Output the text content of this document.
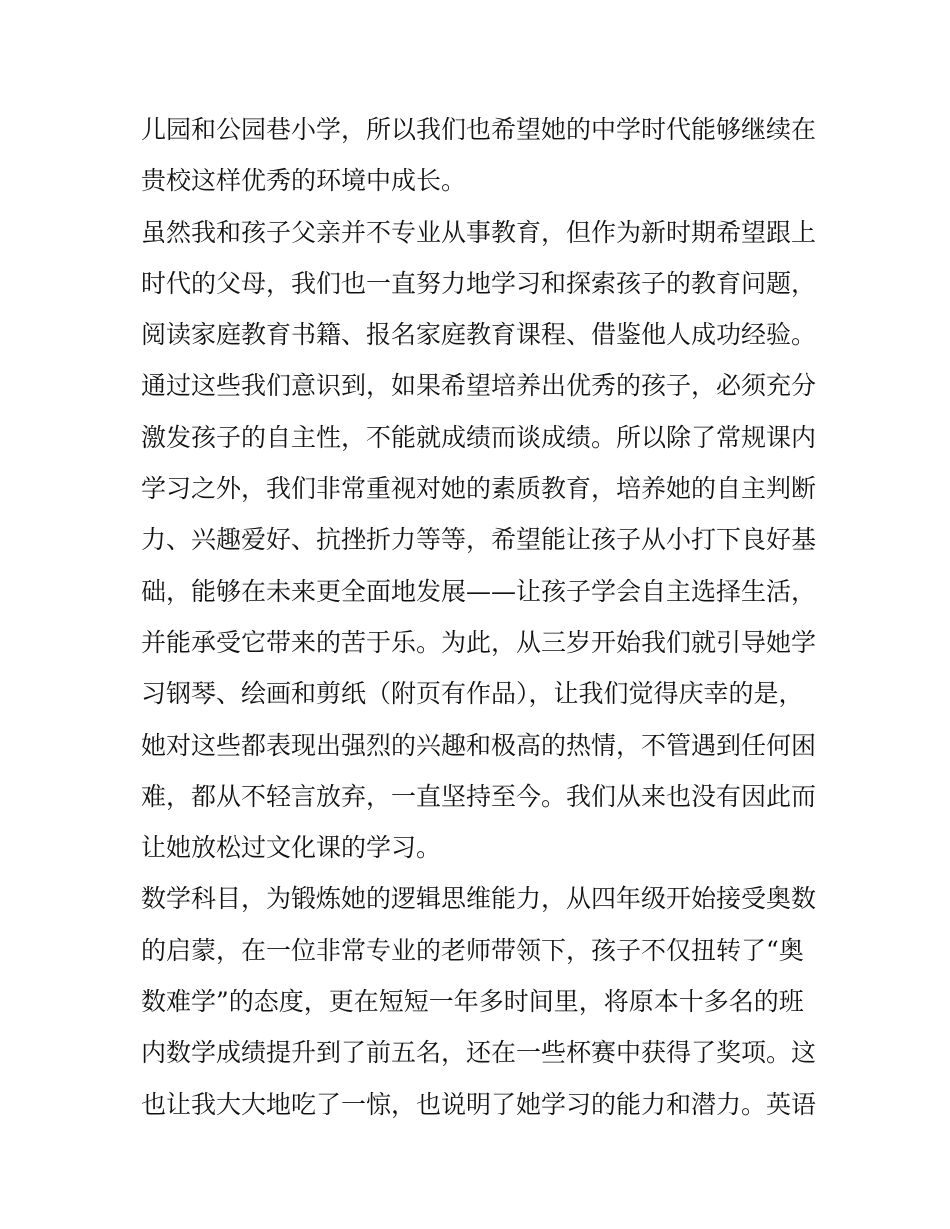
儿园和公园巷小学，所以我们也希望她的中学时代能够继续在
贵校这样优秀的环境中成长。
虽然我和孩子父亲并不专业从事教育，但作为新时期希望跟上
时代的父母，我们也一直努力地学习和探索孩子的教育问题，
阅读家庭教育书籍、报名家庭教育课程、借鉴他人成功经验。
通过这些我们意识到，如果希望培养出优秀的孩子，必须充分
激发孩子的自主性，不能就成绩而谈成绩。所以除了常规课内
学习之外，我们非常重视对她的素质教育，培养她的自主判断
力、兴趣爱好、抗挫折力等等，希望能让孩子从小打下良好基
础，能够在未来更全面地发展——让孩子学会自主选择生活，
并能承受它带来的苦于乐。为此，从三岁开始我们就引导她学
习钢琴、绘画和剪纸（附页有作品），让我们觉得庆幸的是，
她对这些都表现出强烈的兴趣和极高的热情，不管遇到任何困
难，都从不轻言放弃，一直坚持至今。我们从来也没有因此而
让她放松过文化课的学习。
数学科目，为锻炼她的逻辑思维能力，从四年级开始接受奥数
的启蒙，在一位非常专业的老师带领下，孩子不仅扭转了“奥
数难学”的态度，更在短短一年多时间里，将原本十多名的班
内数学成绩提升到了前五名，还在一些杯赛中获得了奖项。这
也让我大大地吃了一惊，也说明了她学习的能力和潜力。英语
